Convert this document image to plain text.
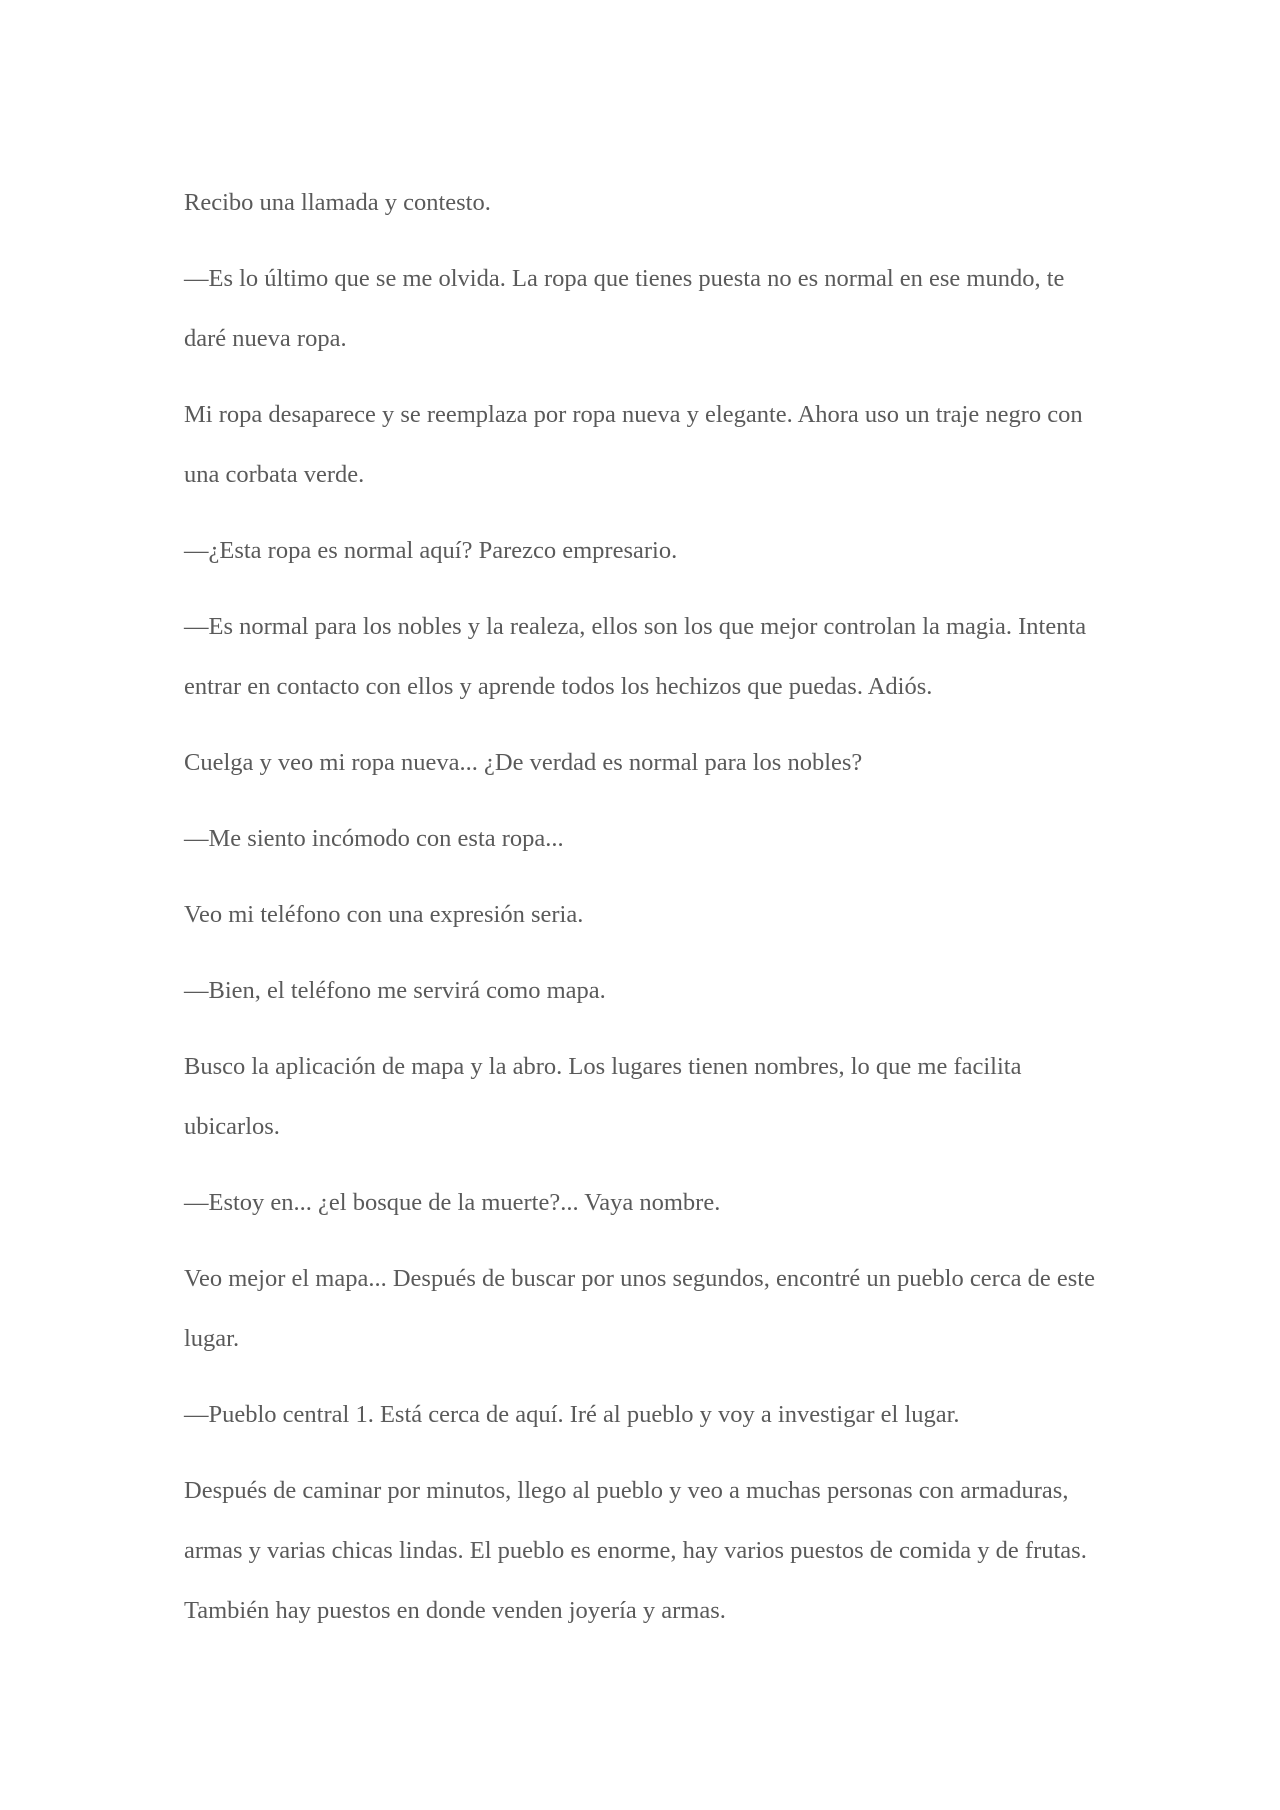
Recibo una llamada y contesto.

—Es lo último que se me olvida. La ropa que tienes puesta no es normal en ese mundo, te daré nueva ropa.

Mi ropa desaparece y se reemplaza por ropa nueva y elegante. Ahora uso un traje negro con una corbata verde.

—¿Esta ropa es normal aquí? Parezco empresario.

—Es normal para los nobles y la realeza, ellos son los que mejor controlan la magia. Intenta entrar en contacto con ellos y aprende todos los hechizos que puedas. Adiós.

Cuelga y veo mi ropa nueva... ¿De verdad es normal para los nobles?

—Me siento incómodo con esta ropa...

Veo mi teléfono con una expresión seria.

—Bien, el teléfono me servirá como mapa.

Busco la aplicación de mapa y la abro. Los lugares tienen nombres, lo que me facilita ubicarlos.

—Estoy en... ¿el bosque de la muerte?... Vaya nombre.

Veo mejor el mapa... Después de buscar por unos segundos, encontré un pueblo cerca de este lugar.

—Pueblo central 1. Está cerca de aquí. Iré al pueblo y voy a investigar el lugar.

Después de caminar por minutos, llego al pueblo y veo a muchas personas con armaduras, armas y varias chicas lindas. El pueblo es enorme, hay varios puestos de comida y de frutas. También hay puestos en donde venden joyería y armas.
